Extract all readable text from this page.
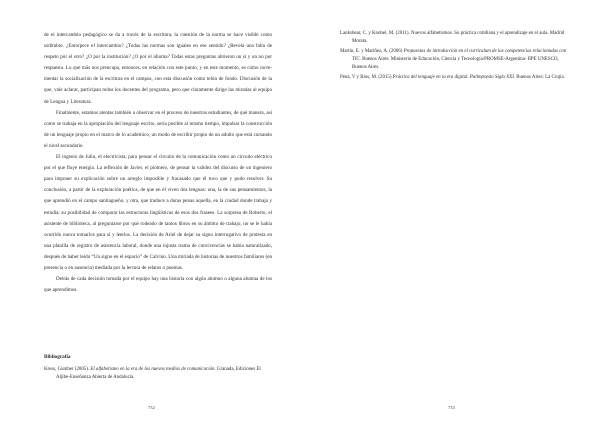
de el intercambio pedagógico se da a través de la escritura, la cuestión de la norma se hace visible como urdimbre. ¿Entorpece el intercambio? ¿Todas las normas son iguales en ese sentido? ¿Revela una falta de respeto por el otro? ¿O por la institución? ¿O por el idioma? Todas estas preguntas abrieron un sí y un no por respuesta. Lo que más nos preocupa, entonces, en relación con este punto, y en este momento, es cómo incrementar la socialización de la escritura en el campus, con esta discusión como telón de fondo. Discusión de la que, vale aclarar, participan todos los docentes del programa, pero que claramente dirige las miradas al equipo de Lengua y Literatura.

Finalmente, estamos atentas también a observar en el proceso de nuestros estudiantes, de qué manera, así como se trabaja en la apropiación del lenguaje escrito, sería posible al mismo tiempo, impulsar la construcción de un lenguaje propio en el marco de lo académico, un modo de escribir propio de un adulto que está cursando el nivel secundario.

El ingenio de Julio, el electricista, para pensar el circuito de la comunicación como un circuito eléctrico por el que fluye energía. La reflexión de Javier, el plomero, de pensar la validez del discurso de un ingeniero para imponer su explicación sobre un arreglo imposible y fracasado que él tuvo que y pudo resolver. Su conclusión, a partir de la exploración poética, de que en él viven dos lenguas: una, la de sus pensamientos, la que aprendió en el campo santiagueño, y otra, que traduce a duras penas aquella, en la ciudad donde trabaja y estudia; su posibilidad de comparar las estructuras lingüísticas de esos dos frasees. La sorpresa de Roberto, el asistente de biblioteca, al preguntarse por qué rodeado de tantos libros en su ámbito de trabajo, no se le había ocurrido nunca tomarlos para sí y leerlos. La decisión de Ariel de dejar su signo interrogativo de protesta en una planilla de registro de asistencia laboral, donde una injusta trama de convivencias se había naturalizado, después de haber leído “Un signo en el espacio” de Calvino. Una miríada de historias de nuestros familiares (en presencia o en ausencia) mediada por la lectura de relatos o poemas.

Detrás de cada decisión tomada por el equipo hay una historia con algún alumno o alguna alumna de los que aprendimos.

Bibliografía

Kress, Gunther (2005). El alfabetismo en la era de los nuevos medios de comunicación. Granada, Ediciones El Aljibe-Enseñanza Abierta de Andalucía.

732

Lankshear, C. y Knobel, M. (2011). Nuevos alfabetismos. Su práctica cotidiana y el aprendizaje en el aula. Madrid Morata.

Martín, E. y Mariñez, A. (2006) Propuestas de introducción en el currículum de las competencias relacionadas con TIC. Buenos Aires: Ministerio de Educación, Ciencia y Tecnología/PROMSE-Argentina- IIPE UNESCO, Buenos Aires.

Pena, V y Ríos, M. (2015) Práctica del lenguaje en la era digital. Palimpsesto Siglo XXI. Buenos Aires: La Crujía.

733
